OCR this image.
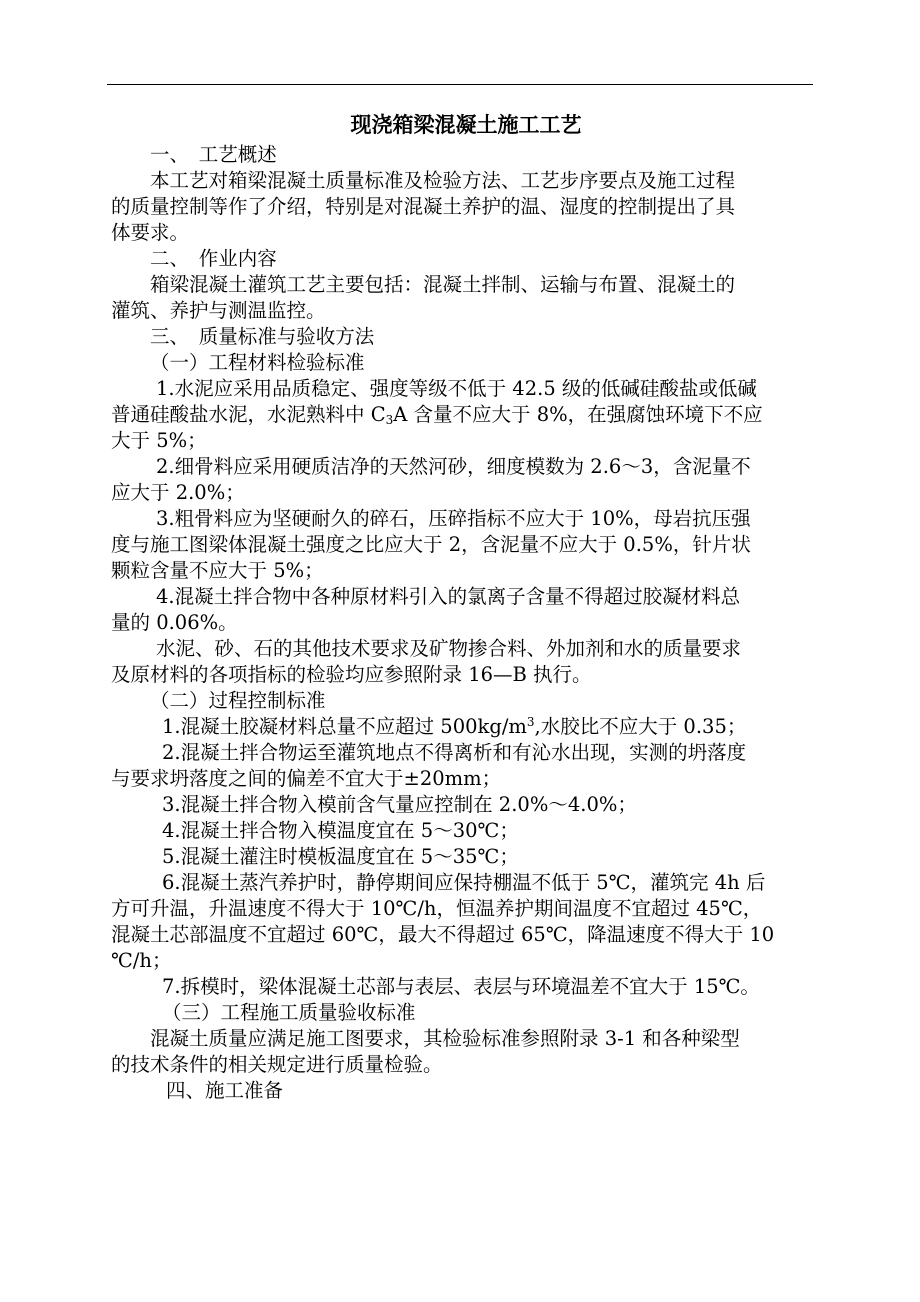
现浇箱梁混凝土施工工艺
一、　工艺概述
本工艺对箱梁混凝土质量标准及检验方法、工艺步序要点及施工过程
的质量控制等作了介绍，特别是对混凝土养护的温、湿度的控制提出了具
体要求。
二、　作业内容
箱梁混凝土灌筑工艺主要包括：混凝土拌制、运输与布置、混凝土的
灌筑、养护与测温监控。
三、　质量标准与验收方法
（一）工程材料检验标准
1.水泥应采用品质稳定、强度等级不低于 42.5 级的低碱硅酸盐或低碱
普通硅酸盐水泥，水泥熟料中 $C_3A$ 含量不应大于 8%，在强腐蚀环境下不应
大于 5%；
2.细骨料应采用硬质洁净的天然河砂，细度模数为 2.6～3，含泥量不
应大于 2.0%；
3.粗骨料应为坚硬耐久的碎石，压碎指标不应大于 10%，母岩抗压强
度与施工图梁体混凝土强度之比应大于 2，含泥量不应大于 0.5%，针片状
颗粒含量不应大于 5%；
4.混凝土拌合物中各种原材料引入的氯离子含量不得超过胶凝材料总
量的 0.06%。
水泥、砂、石的其他技术要求及矿物掺合料、外加剂和水的质量要求
及原材料的各项指标的检验均应参照附录 16—B 执行。
（二）过程控制标准
1.混凝土胶凝材料总量不应超过 $500kg/m^3$,水胶比不应大于 0.35；
2.混凝土拌合物运至灌筑地点不得离析和有沁水出现，实测的坍落度
与要求坍落度之间的偏差不宜大于±20mm；
3.混凝土拌合物入模前含气量应控制在 2.0%～4.0%；
4.混凝土拌合物入模温度宜在 5～30℃；
5.混凝土灌注时模板温度宜在 5～35℃；
6.混凝土蒸汽养护时，静停期间应保持棚温不低于 5℃，灌筑完 4h 后
方可升温，升温速度不得大于 10℃/h，恒温养护期间温度不宜超过 45℃，
混凝土芯部温度不宜超过 60℃，最大不得超过 65℃，降温速度不得大于 10
℃/h；
7.拆模时，梁体混凝土芯部与表层、表层与环境温差不宜大于 15℃。
（三）工程施工质量验收标准
混凝土质量应满足施工图要求，其检验标准参照附录 3-1 和各种梁型
的技术条件的相关规定进行质量检验。
四、施工准备
